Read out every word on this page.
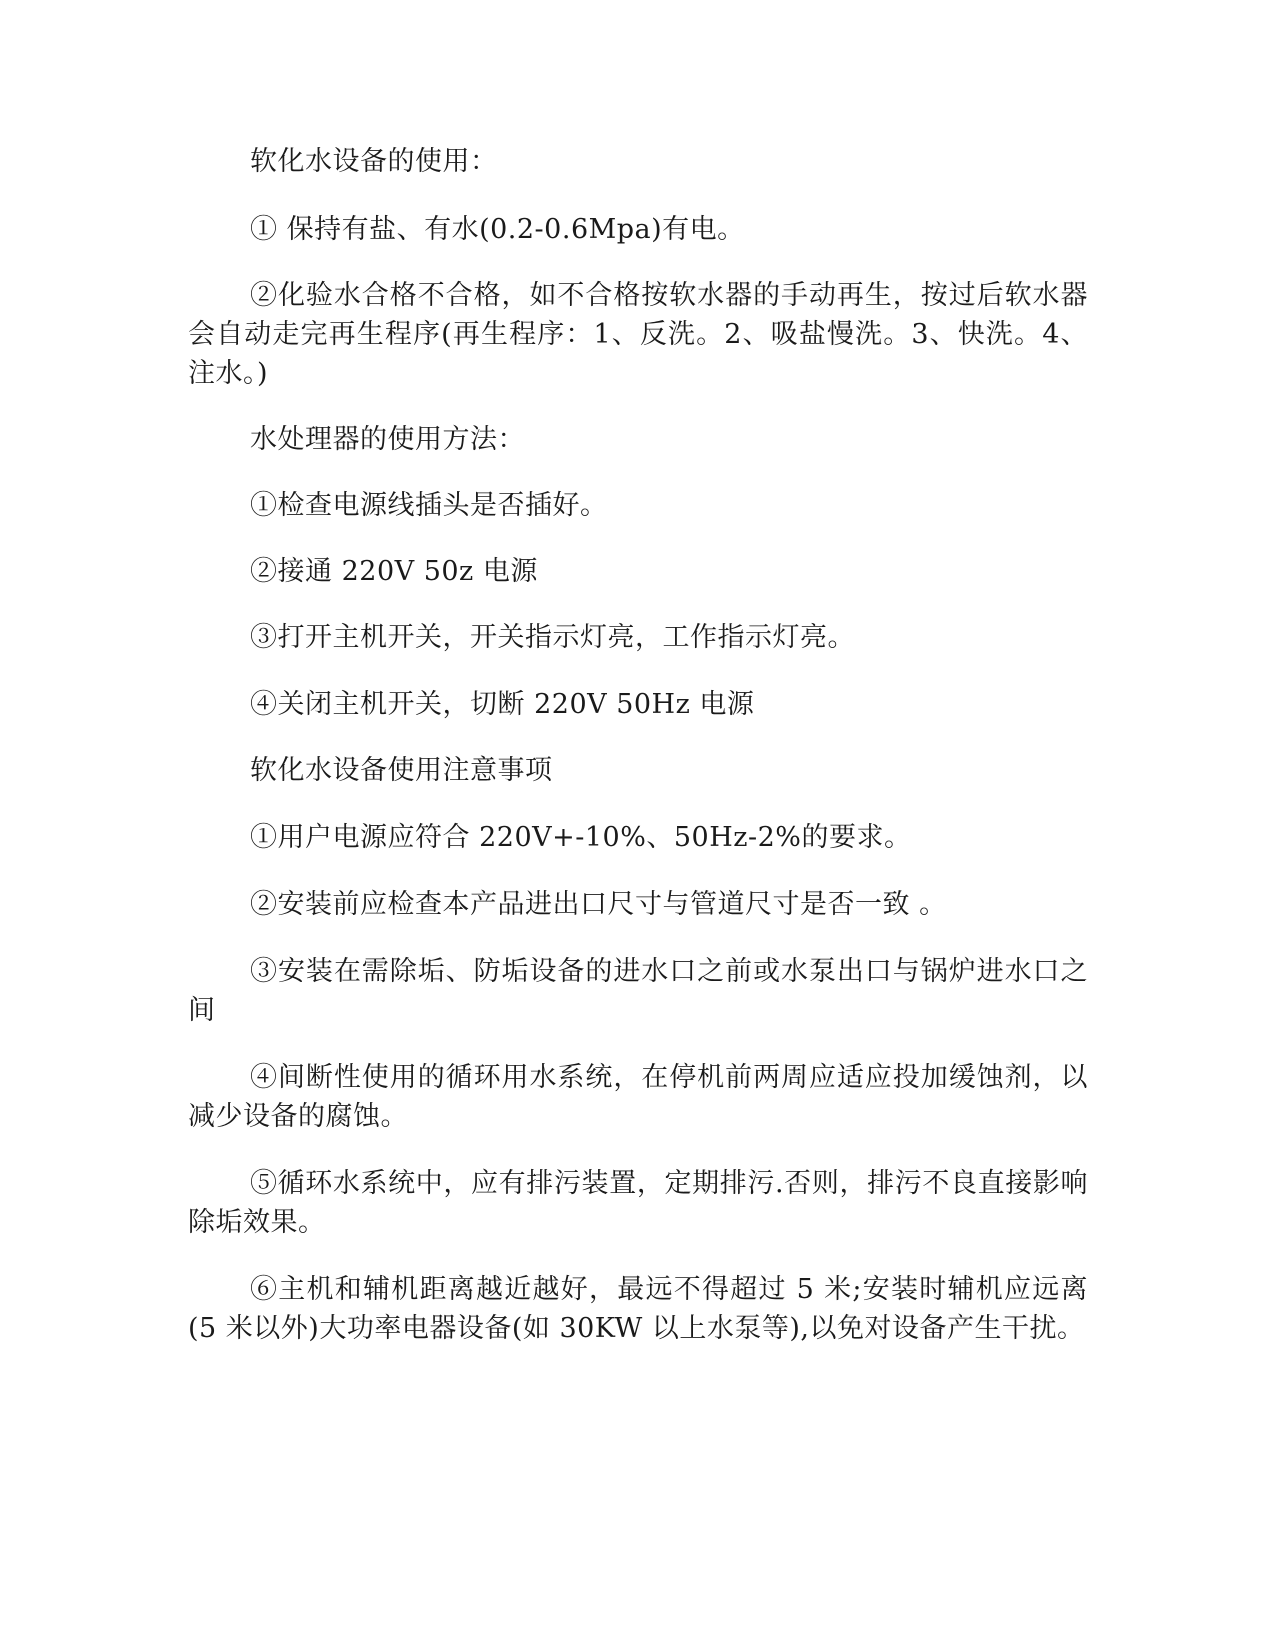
软化水设备的使用：

① 保持有盐、有水(0.2-0.6Mpa)有电。

②化验水合格不合格，如不合格按软水器的手动再生，按过后软水器会自动走完再生程序(再生程序：1、反洗。2、吸盐慢洗。3、快洗。4、注水。)

水处理器的使用方法：

①检查电源线插头是否插好。

②接通 220V 50z 电源

③打开主机开关，开关指示灯亮，工作指示灯亮。

④关闭主机开关，切断 220V 50Hz 电源

软化水设备使用注意事项

①用户电源应符合 220V+-10%、50Hz-2%的要求。

②安装前应检查本产品进出口尺寸与管道尺寸是否一致 。

③安装在需除垢、防垢设备的进水口之前或水泵出口与锅炉进水口之间

④间断性使用的循环用水系统，在停机前两周应适应投加缓蚀剂，以减少设备的腐蚀。

⑤循环水系统中，应有排污装置，定期排污.否则，排污不良直接影响除垢效果。

⑥主机和辅机距离越近越好，最远不得超过 5 米;安装时辅机应远离(5 米以外)大功率电器设备(如 30KW 以上水泵等),以免对设备产生干扰。
